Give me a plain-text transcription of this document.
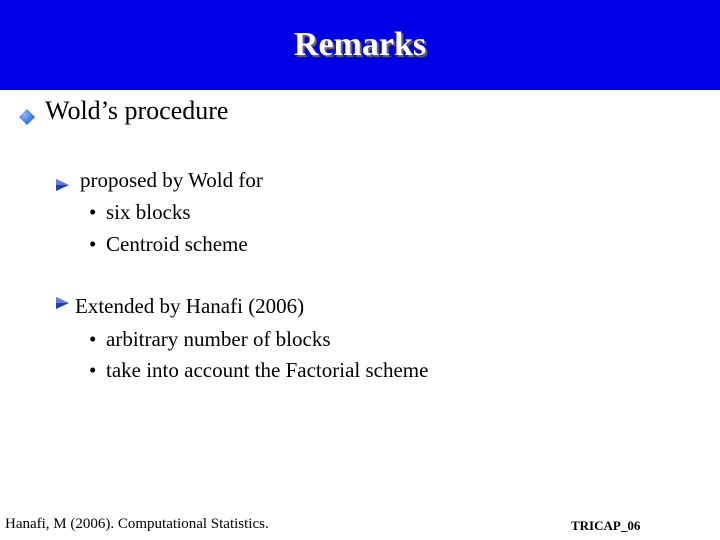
Remarks
Wold’s procedure
proposed by Wold for
• six blocks
• Centroid scheme
Extended by Hanafi (2006)
• arbitrary number of blocks
• take into account the Factorial scheme
Hanafi, M (2006). Computational Statistics.	TRICAP_06
